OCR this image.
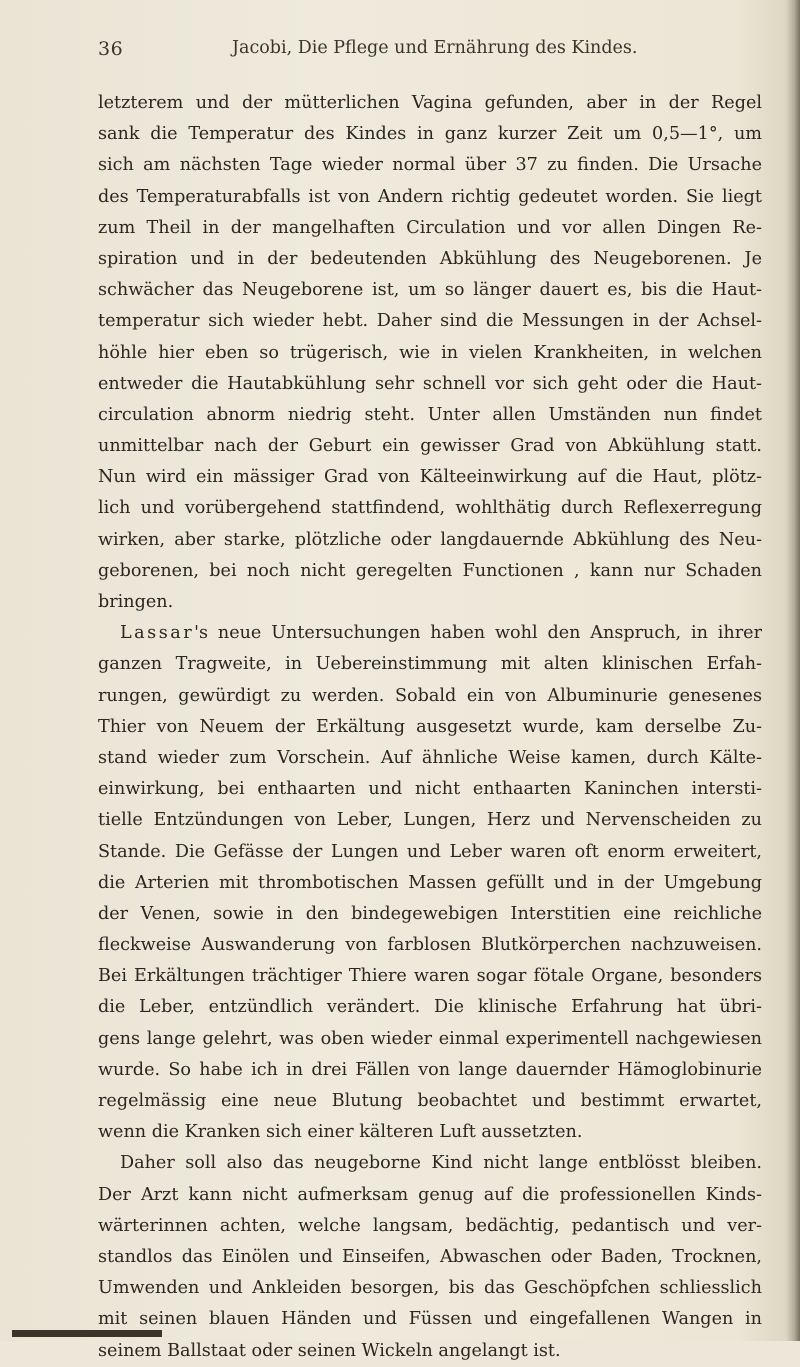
36	Jacobi, Die Pflege und Ernährung des Kindes.
letzterem und der mütterlichen Vagina gefunden, aber in der Regel
sank die Temperatur des Kindes in ganz kurzer Zeit um 0,5—1°, um
sich am nächsten Tage wieder normal über 37 zu finden. Die Ursache
des Temperaturabfalls ist von Andern richtig gedeutet worden. Sie liegt
zum Theil in der mangelhaften Circulation und vor allen Dingen Re-
spiration und in der bedeutenden Abkühlung des Neugeborenen. Je
schwächer das Neugeborene ist, um so länger dauert es, bis die Haut-
temperatur sich wieder hebt. Daher sind die Messungen in der Achsel-
höhle hier eben so trügerisch, wie in vielen Krankheiten, in welchen
entweder die Hautabkühlung sehr schnell vor sich geht oder die Haut-
circulation abnorm niedrig steht. Unter allen Umständen nun findet
unmittelbar nach der Geburt ein gewisser Grad von Abkühlung statt.
Nun wird ein mässiger Grad von Kälteeinwirkung auf die Haut, plötz-
lich und vorübergehend stattfindend, wohlthätig durch Reflexerregung
wirken, aber starke, plötzliche oder langdauernde Abkühlung des Neu-
geborenen, bei noch nicht geregelten Functionen , kann nur Schaden
bringen.
Lassar's neue Untersuchungen haben wohl den Anspruch, in ihrer
ganzen Tragweite, in Uebereinstimmung mit alten klinischen Erfah-
rungen, gewürdigt zu werden. Sobald ein von Albuminurie genesenes
Thier von Neuem der Erkältung ausgesetzt wurde, kam derselbe Zu-
stand wieder zum Vorschein. Auf ähnliche Weise kamen, durch Kälte-
einwirkung, bei enthaarten und nicht enthaarten Kaninchen intersti-
tielle Entzündungen von Leber, Lungen, Herz und Nervenscheiden zu
Stande. Die Gefässe der Lungen und Leber waren oft enorm erweitert,
die Arterien mit thrombotischen Massen gefüllt und in der Umgebung
der Venen, sowie in den bindegewebigen Interstitien eine reichliche
fleckweise Auswanderung von farblosen Blutkörperchen nachzuweisen.
Bei Erkältungen trächtiger Thiere waren sogar fötale Organe, besonders
die Leber, entzündlich verändert. Die klinische Erfahrung hat übri-
gens lange gelehrt, was oben wieder einmal experimentell nachgewiesen
wurde. So habe ich in drei Fällen von lange dauernder Hämoglobinurie
regelmässig eine neue Blutung beobachtet und bestimmt erwartet,
wenn die Kranken sich einer kälteren Luft aussetzten.
Daher soll also das neugeborne Kind nicht lange entblösst bleiben.
Der Arzt kann nicht aufmerksam genug auf die professionellen Kinds-
wärterinnen achten, welche langsam, bedächtig, pedantisch und ver-
standlos das Einölen und Einseifen, Abwaschen oder Baden, Trocknen,
Umwenden und Ankleiden besorgen, bis das Geschöpfchen schliesslich
mit seinen blauen Händen und Füssen und eingefallenen Wangen in
seinem Ballstaat oder seinen Wickeln angelangt ist.
